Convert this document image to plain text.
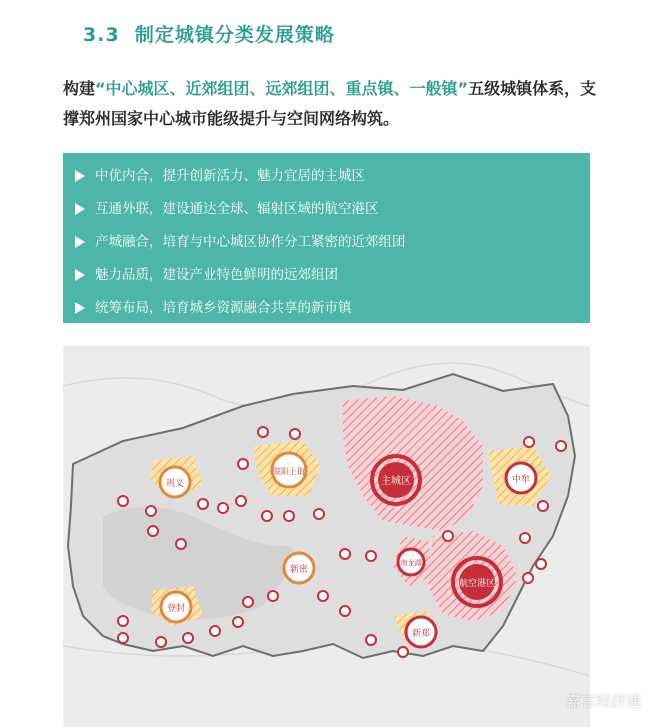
3.3 制定城镇分类发展策略
构建“中心城区、近郊组团、远郊组团、重点镇、一般镇”五级城镇体系，支撑郑州国家中心城市能级提升与空间网络构筑。
中优内合，提升创新活力、魅力宜居的主城区
互通外联，建设通达全球、辐射区域的航空港区
产城融合，培育与中心城区协作分工紧密的近郊组团
魅力品质，建设产业特色鲜明的远郊组团
统筹布局，培育城乡资源融合共享的新市镇
主城区
航空港区
巩义
荥阳上街
中牟
新密
登封
新郑
南龙湖
嘉言经济通
